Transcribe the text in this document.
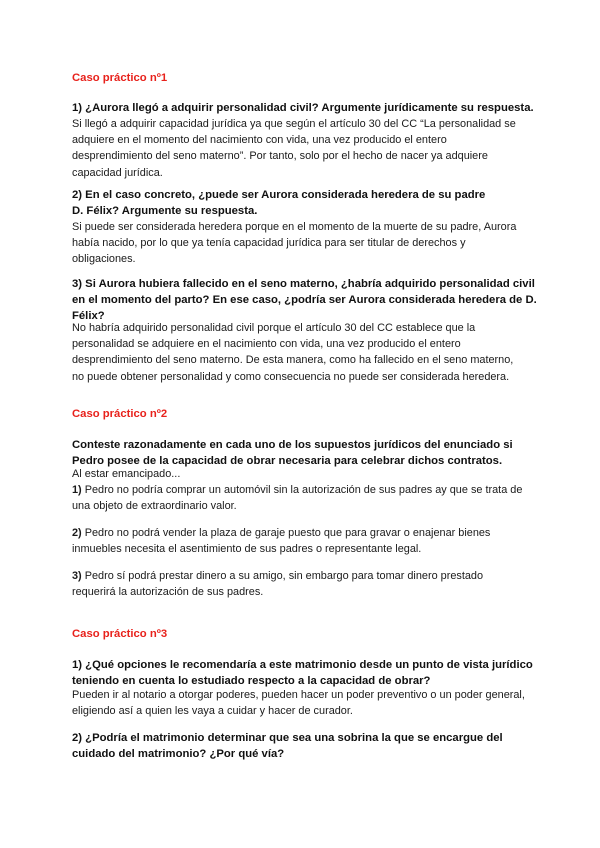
Caso práctico nº1
1) ¿Aurora llegó a adquirir personalidad civil? Argumente jurídicamente su respuesta.
Si llegó a adquirir capacidad jurídica ya que según el artículo 30 del CC “La personalidad se
adquiere en el momento del nacimiento con vida, una vez producido el entero
desprendimiento del seno materno”. Por tanto, solo por el hecho de nacer ya adquiere
capacidad jurídica.
2) En el caso concreto, ¿puede ser Aurora considerada heredera de su padre
D. Félix? Argumente su respuesta.
Si puede ser considerada heredera porque en el momento de la muerte de su padre, Aurora
había nacido, por lo que ya tenía capacidad jurídica para ser titular de derechos y
obligaciones.
3) Si Aurora hubiera fallecido en el seno materno, ¿habría adquirido personalidad civil
en el momento del parto? En ese caso, ¿podría ser Aurora considerada heredera de D.
Félix?
No habría adquirido personalidad civil porque el artículo 30 del CC establece que la
personalidad se adquiere en el nacimiento con vida, una vez producido el entero
desprendimiento del seno materno. De esta manera, como ha fallecido en el seno materno,
no puede obtener personalidad y como consecuencia no puede ser considerada heredera.
Caso práctico nº2
Conteste razonadamente en cada uno de los supuestos jurídicos del enunciado si
Pedro posee de la capacidad de obrar necesaria para celebrar dichos contratos.
Al estar emancipado...
1) Pedro no podría comprar un automóvil sin la autorización de sus padres ay que se trata de
una objeto de extraordinario valor.
2) Pedro no podrá vender la plaza de garaje puesto que para gravar o enajenar bienes
inmuebles necesita el asentimiento de sus padres o representante legal.
3) Pedro sí podrá prestar dinero a su amigo, sin embargo para tomar dinero prestado
requerirá la autorización de sus padres.
Caso práctico nº3
1) ¿Qué opciones le recomendaría a este matrimonio desde un punto de vista jurídico
teniendo en cuenta lo estudiado respecto a la capacidad de obrar?
Pueden ir al notario a otorgar poderes, pueden hacer un poder preventivo o un poder general,
eligiendo así a quien les vaya a cuidar y hacer de curador.
2) ¿Podría el matrimonio determinar que sea una sobrina la que se encargue del
cuidado del matrimonio? ¿Por qué vía?
